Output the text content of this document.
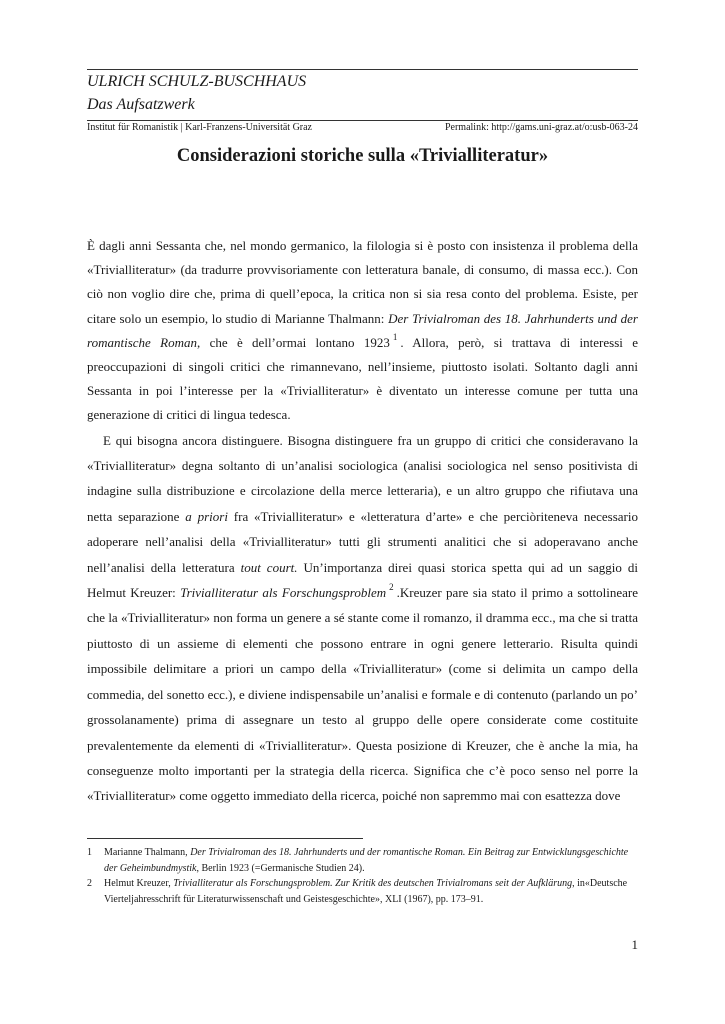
ULRICH SCHULZ-BUSCHHAUS
Das Aufsatzwerk
Institut für Romanistik | Karl-Franzens-Universität Graz	Permalink: http://gams.uni-graz.at/o:usb-063-24
Considerazioni storiche sulla «Trivialliteratur»

È dagli anni Sessanta che, nel mondo germanico, la filologia si è posto con insistenza il problema della «Trivialliteratur» (da tradurre provvisoriamente con letteratura banale, di consumo, di massa ecc.). Con ciò non voglio dire che, prima di quell’epoca, la critica non si sia resa conto del problema. Esiste, per citare solo un esempio, lo studio di Marianne Thalmann: Der Trivialroman des 18. Jahrhunderts und der romantische Roman, che è dell’ormai lontano 1923 $^1$ . Allora, però, si trattava di interessi e preoccupazioni di singoli critici che rimannevano, nell’insieme, piuttosto isolati. Soltanto dagli anni Sessanta in poi l’interesse per la «Trivialliteratur» è diventato un interesse comune per tutta una generazione di critici di lingua tedesca.

E qui bisogna ancora distinguere. Bisogna distinguere fra un gruppo di critici che consideravano la «Trivialliteratur» degna soltanto di un’analisi sociologica (analisi sociologica nel senso positivista di indagine sulla distribuzione e circolazione della merce letteraria), e un altro gruppo che rifiutava una netta separazione a priori fra «Trivialliteratur» e «letteratura d’arte» e che perciòriteneva necessario adoperare nell’analisi della «Trivialliteratur» tutti gli strumenti analitici che si adoperavano anche nell’analisi della letteratura tout court. Un’importanza direi quasi storica spetta qui ad un saggio di Helmut Kreuzer: Trivialliteratur als Forschungsproblem $^2$ .Kreuzer pare sia stato il primo a sottolineare che la «Trivialliteratur» non forma un genere a sé stante come il romanzo, il dramma ecc., ma che si tratta piuttosto di un assieme di elementi che possono entrare in ogni genere letterario. Risulta quindi impossibile delimitare a priori un campo della «Trivialliteratur» (come si delimita un campo della commedia, del sonetto ecc.), e diviene indispensabile un’analisi e formale e di contenuto (parlando un po’ grossolanamente) prima di assegnare un testo al gruppo delle opere considerate come costituite prevalentemente da elementi di «Trivialliteratur». Questa posizione di Kreuzer, che è anche la mia, ha conseguenze molto importanti per la strategia della ricerca. Significa che c’è poco senso nel porre la «Trivialliteratur» come oggetto immediato della ricerca, poiché non sapremmo mai con esattezza dove

1	Marianne Thalmann, Der Trivialroman des 18. Jahrhunderts und der romantische Roman. Ein Beitrag zur Entwicklungsgeschichte der Geheimbundmystik, Berlin 1923 (=Germanische Studien 24).
2	Helmut Kreuzer, Trivialliteratur als Forschungsproblem. Zur Kritik des deutschen Trivialromans seit der Aufklärung, in«Deutsche Vierteljahresschrift für Literaturwissenschaft und Geistesgeschichte», XLI (1967), pp. 173–91.
1
